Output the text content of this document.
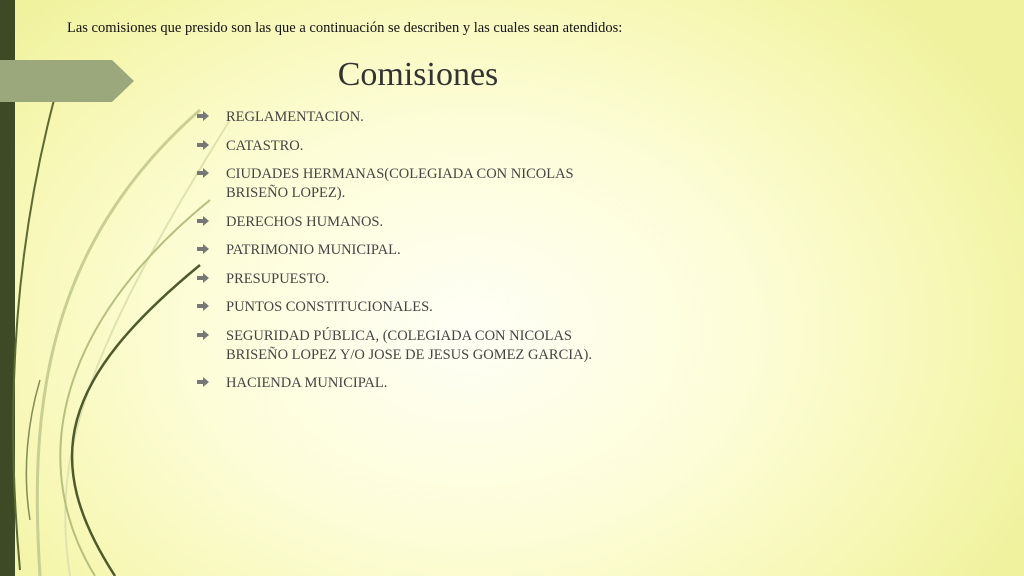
Las comisiones que presido son las que a continuación se describen y las cuales sean atendidos:
Comisiones
REGLAMENTACION.
CATASTRO.
CIUDADES HERMANAS(COLEGIADA CON NICOLAS BRISEÑO LOPEZ).
DERECHOS HUMANOS.
PATRIMONIO MUNICIPAL.
PRESUPUESTO.
PUNTOS CONSTITUCIONALES.
SEGURIDAD PÚBLICA, (COLEGIADA CON NICOLAS BRISEÑO LOPEZ Y/O JOSE DE JESUS GOMEZ GARCIA).
HACIENDA MUNICIPAL.
